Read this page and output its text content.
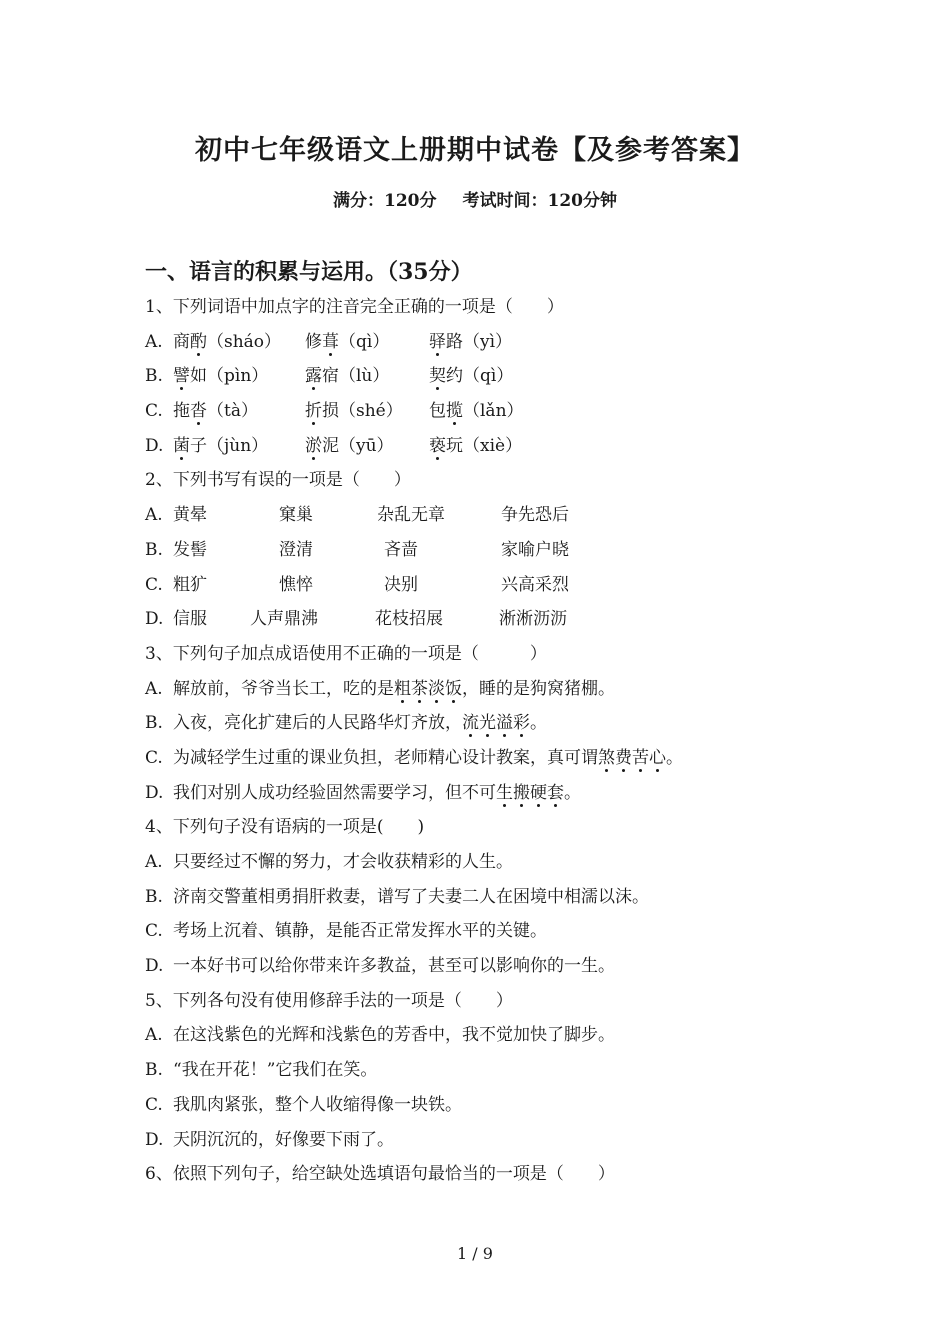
初中七年级语文上册期中试卷【及参考答案】
满分：120分 考试时间：120分钟
一、语言的积累与运用。（35分）
1、下列词语中加点字的注音完全正确的一项是（　　）
A. 商酌（sháo） 修葺（qì） 驿路（yì）
B. 譬如（pìn） 露宿（lù） 契约（qì）
C. 拖沓（tà）	折损（shé） 包揽（lǎn）
D. 菌子（jùn） 淤泥（yū） 亵玩（xiè）
2、下列书写有误的一项是（　　）
A. 黄晕	窠巢	杂乱无章	争先恐后
B. 发髻	澄清	吝啬	家喻户晓
C. 粗犷	憔悴	决别	兴高采烈
D. 信服	人声鼎沸	花枝招展	淅淅沥沥
3、下列句子加点成语使用不正确的一项是（　　　）
A. 解放前，爷爷当长工，吃的是粗茶淡饭，睡的是狗窝猪棚。
B. 入夜，亮化扩建后的人民路华灯齐放，流光溢彩。
C. 为减轻学生过重的课业负担，老师精心设计教案，真可谓煞费苦心。
D. 我们对别人成功经验固然需要学习，但不可生搬硬套。
4、下列句子没有语病的一项是(　　)
A. 只要经过不懈的努力，才会收获精彩的人生。
B. 济南交警董相勇捐肝救妻，谱写了夫妻二人在困境中相濡以沫。
C. 考场上沉着、镇静，是能否正常发挥水平的关键。
D. 一本好书可以给你带来许多教益，甚至可以影响你的一生。
5、下列各句没有使用修辞手法的一项是（　　）
A. 在这浅紫色的光辉和浅紫色的芳香中，我不觉加快了脚步。
B. “我在开花！”它我们在笑。
C. 我肌肉紧张，整个人收缩得像一块铁。
D. 天阴沉沉的，好像要下雨了。
6、依照下列句子，给空缺处选填语句最恰当的一项是（　　）
1 / 9
